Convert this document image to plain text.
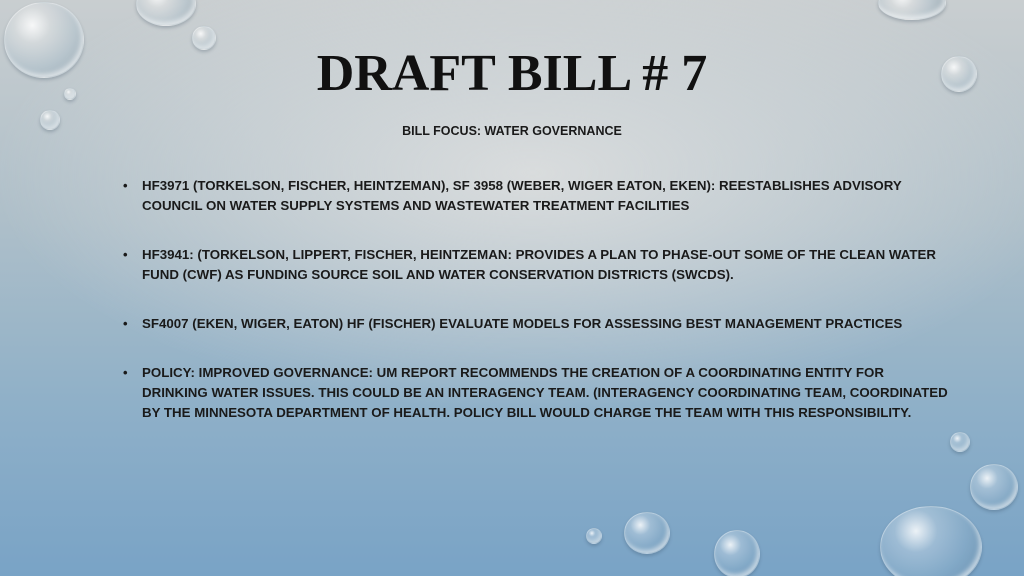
DRAFT BILL # 7

BILL FOCUS: WATER GOVERNANCE

• HF3971 (TORKELSON, FISCHER, HEINTZEMAN), SF 3958 (WEBER, WIGER EATON, EKEN): REESTABLISHES ADVISORY COUNCIL ON WATER SUPPLY SYSTEMS AND WASTEWATER TREATMENT FACILITIES
• HF3941: (TORKELSON, LIPPERT, FISCHER, HEINTZEMAN: PROVIDES A PLAN TO PHASE-OUT SOME OF THE CLEAN WATER FUND (CWF) AS FUNDING SOURCE SOIL AND WATER CONSERVATION DISTRICTS (SWCDS).
• SF4007 (EKEN, WIGER, EATON) HF (FISCHER) EVALUATE MODELS FOR ASSESSING BEST MANAGEMENT PRACTICES
• POLICY: IMPROVED GOVERNANCE: UM REPORT RECOMMENDS THE CREATION OF A COORDINATING ENTITY FOR DRINKING WATER ISSUES. THIS COULD BE AN INTERAGENCY TEAM. (INTERAGENCY COORDINATING TEAM, COORDINATED BY THE MINNESOTA DEPARTMENT OF HEALTH. POLICY BILL WOULD CHARGE THE TEAM WITH THIS RESPONSIBILITY.
